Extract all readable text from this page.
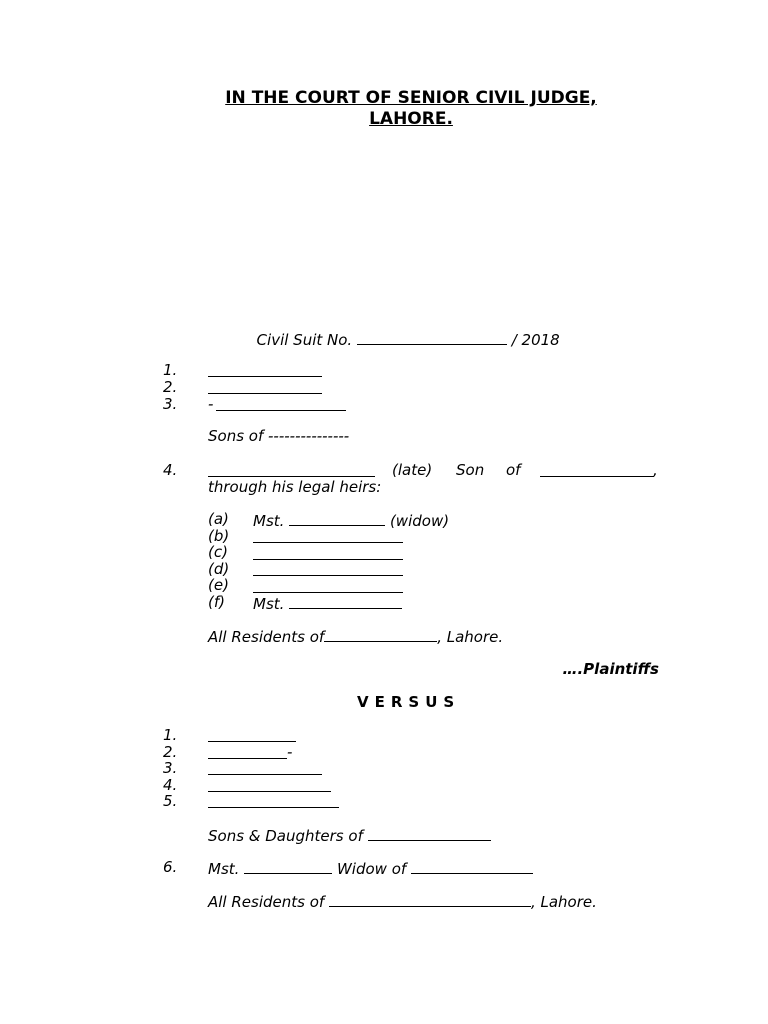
IN THE COURT OF SENIOR CIVIL JUDGE,
LAHORE.

Civil Suit No.	/ 2018

1.
2.
3. -
Sons of ---------------
4.	(late) Son of	,
through his legal heirs:
(a) Mst.	(widow)
(b)
(c)
(d)
(e)
(f) Mst.
All Residents of	, Lahore.
….Plaintiffs
VERSUS
1.
2.	-
3.
4.
5.
Sons & Daughters of
6. Mst.	Widow of
All Residents of	, Lahore.
